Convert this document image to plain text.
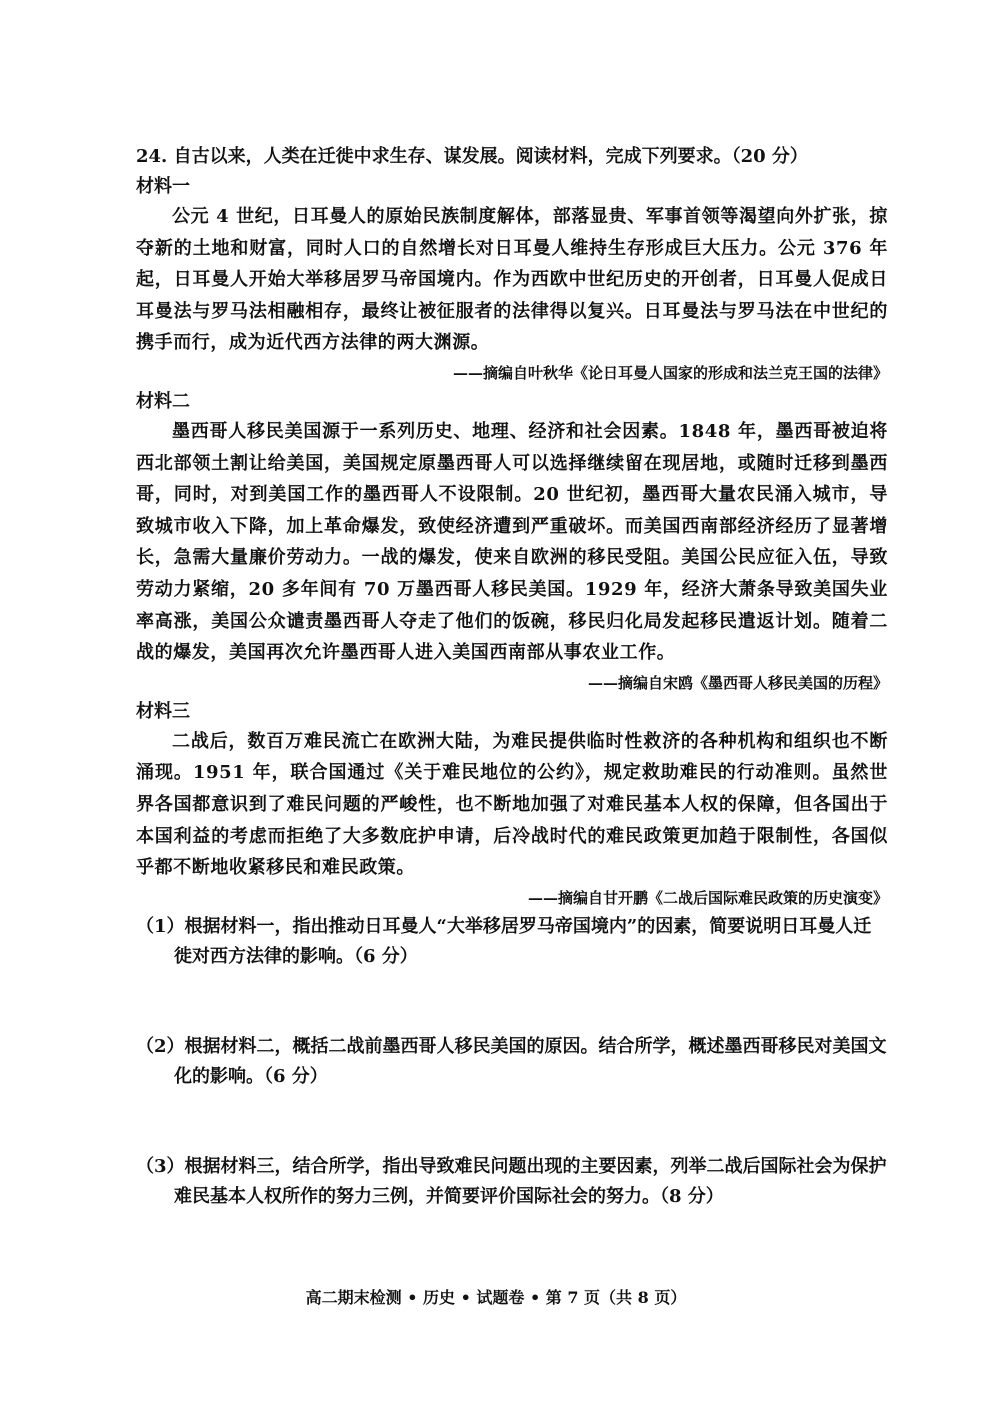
24. 自古以来，人类在迁徙中求生存、谋发展。阅读材料，完成下列要求。（20 分）
材料一

公元 4 世纪，日耳曼人的原始民族制度解体，部落显贵、军事首领等渴望向外扩张，掠夺新的土地和财富，同时人口的自然增长对日耳曼人维持生存形成巨大压力。公元 376 年起，日耳曼人开始大举移居罗马帝国境内。作为西欧中世纪历史的开创者，日耳曼人促成日耳曼法与罗马法相融相存，最终让被征服者的法律得以复兴。日耳曼法与罗马法在中世纪的携手而行，成为近代西方法律的两大渊源。

——摘编自叶秋华《论日耳曼人国家的形成和法兰克王国的法律》
材料二

墨西哥人移民美国源于一系列历史、地理、经济和社会因素。1848 年，墨西哥被迫将西北部领土割让给美国，美国规定原墨西哥人可以选择继续留在现居地，或随时迁移到墨西哥，同时，对到美国工作的墨西哥人不设限制。20 世纪初，墨西哥大量农民涌入城市，导致城市收入下降，加上革命爆发，致使经济遭到严重破坏。而美国西南部经济经历了显著增长，急需大量廉价劳动力。一战的爆发，使来自欧洲的移民受阻。美国公民应征入伍，导致劳动力紧缩，20 多年间有 70 万墨西哥人移民美国。1929 年，经济大萧条导致美国失业率高涨，美国公众谴责墨西哥人夺走了他们的饭碗，移民归化局发起移民遣返计划。随着二战的爆发，美国再次允许墨西哥人进入美国西南部从事农业工作。

——摘编自宋鸥《墨西哥人移民美国的历程》
材料三

二战后，数百万难民流亡在欧洲大陆，为难民提供临时性救济的各种机构和组织也不断涌现。1951 年，联合国通过《关于难民地位的公约》，规定救助难民的行动准则。虽然世界各国都意识到了难民问题的严峻性，也不断地加强了对难民基本人权的保障，但各国出于本国利益的考虑而拒绝了大多数庇护申请，后冷战时代的难民政策更加趋于限制性，各国似乎都不断地收紧移民和难民政策。

——摘编自甘开鹏《二战后国际难民政策的历史演变》

（1）根据材料一，指出推动日耳曼人“大举移居罗马帝国境内”的因素，简要说明日耳曼人迁徙对西方法律的影响。（6 分）

（2）根据材料二，概括二战前墨西哥人移民美国的原因。结合所学，概述墨西哥移民对美国文化的影响。（6 分）

（3）根据材料三，结合所学，指出导致难民问题出现的主要因素，列举二战后国际社会为保护难民基本人权所作的努力三例，并简要评价国际社会的努力。（8 分）

高二期末检测 • 历史 • 试题卷 • 第 7 页（共 8 页）
